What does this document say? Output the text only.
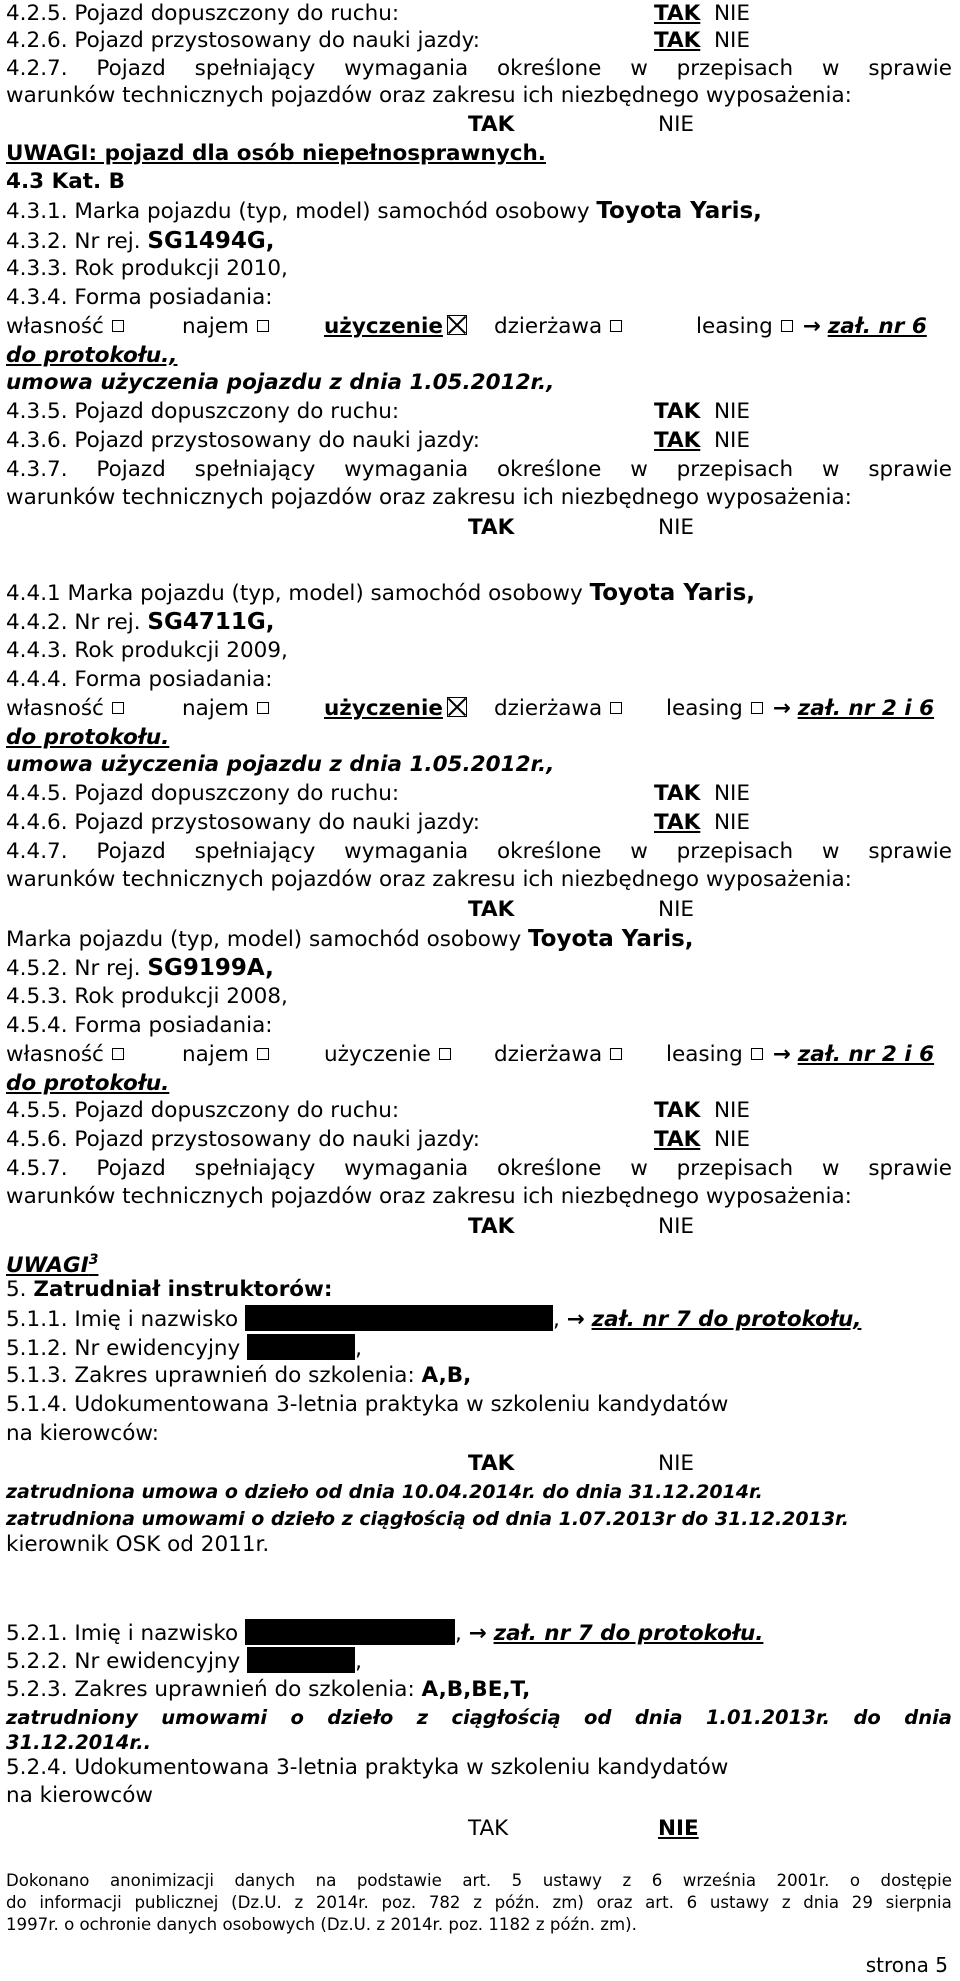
4.2.5. Pojazd dopuszczony do ruchu:	TAK NIE
4.2.6. Pojazd przystosowany do nauki jazdy:	TAK NIE
4.2.7. Pojazd spełniający wymagania określone w przepisach w sprawie
warunków technicznych pojazdów oraz zakresu ich niezbędnego wyposażenia:
TAK	NIE
UWAGI: pojazd dla osób niepełnosprawnych.
4.3 Kat. B
4.3.1. Marka pojazdu (typ, model) samochód osobowy Toyota Yaris,
4.3.2. Nr rej. SG1494G,
4.3.3. Rok produkcji 2010,
4.3.4. Forma posiadania:
własność	najem	użyczenie	dzierżawa	leasing → zał. nr 6
do protokołu.,
umowa użyczenia pojazdu z dnia 1.05.2012r.,
4.3.5. Pojazd dopuszczony do ruchu:	TAK NIE
4.3.6. Pojazd przystosowany do nauki jazdy:	TAK NIE
4.3.7. Pojazd spełniający wymagania określone w przepisach w sprawie
warunków technicznych pojazdów oraz zakresu ich niezbędnego wyposażenia:
TAK	NIE
4.4.1 Marka pojazdu (typ, model) samochód osobowy Toyota Yaris,
4.4.2. Nr rej. SG4711G,
4.4.3. Rok produkcji 2009,
4.4.4. Forma posiadania:
własność	najem	użyczenie	dzierżawa	leasing → zał. nr 2 i 6
do protokołu.
umowa użyczenia pojazdu z dnia 1.05.2012r.,
4.4.5. Pojazd dopuszczony do ruchu:	TAK NIE
4.4.6. Pojazd przystosowany do nauki jazdy:	TAK NIE
4.4.7. Pojazd spełniający wymagania określone w przepisach w sprawie
warunków technicznych pojazdów oraz zakresu ich niezbędnego wyposażenia:
TAK	NIE
Marka pojazdu (typ, model) samochód osobowy Toyota Yaris,
4.5.2. Nr rej. SG9199A,
4.5.3. Rok produkcji 2008,
4.5.4. Forma posiadania:
własność	najem	użyczenie	dzierżawa	leasing → zał. nr 2 i 6
do protokołu.
4.5.5. Pojazd dopuszczony do ruchu:	TAK NIE
4.5.6. Pojazd przystosowany do nauki jazdy:	TAK NIE
4.5.7. Pojazd spełniający wymagania określone w przepisach w sprawie
warunków technicznych pojazdów oraz zakresu ich niezbędnego wyposażenia:
TAK	NIE
UWAGI$^3$
5. Zatrudniał instruktorów:
5.1.1. Imię i nazwisko	, → zał. nr 7 do protokołu,
5.1.2. Nr ewidencyjny	,
5.1.3. Zakres uprawnień do szkolenia: A,B,
5.1.4. Udokumentowana 3-letnia praktyka w szkoleniu kandydatów
na kierowców:
TAK	NIE
zatrudniona umowa o dzieło od dnia 10.04.2014r. do dnia 31.12.2014r.
zatrudniona umowami o dzieło z ciągłością od dnia 1.07.2013r do 31.12.2013r.
kierownik OSK od 2011r.
5.2.1. Imię i nazwisko	, → zał. nr 7 do protokołu.
5.2.2. Nr ewidencyjny	,
5.2.3. Zakres uprawnień do szkolenia: A,B,BE,T,
zatrudniony umowami o dzieło z ciągłością od dnia 1.01.2013r. do dnia
31.12.2014r..
5.2.4. Udokumentowana 3-letnia praktyka w szkoleniu kandydatów
na kierowców
TAK	NIE
Dokonano anonimizacji danych na podstawie art. 5 ustawy z 6 września 2001r. o dostępie
do informacji publicznej (Dz.U. z 2014r. poz. 782 z późn. zm) oraz art. 6 ustawy z dnia 29 sierpnia
1997r. o ochronie danych osobowych (Dz.U. z 2014r. poz. 1182 z późn. zm).
strona 5
